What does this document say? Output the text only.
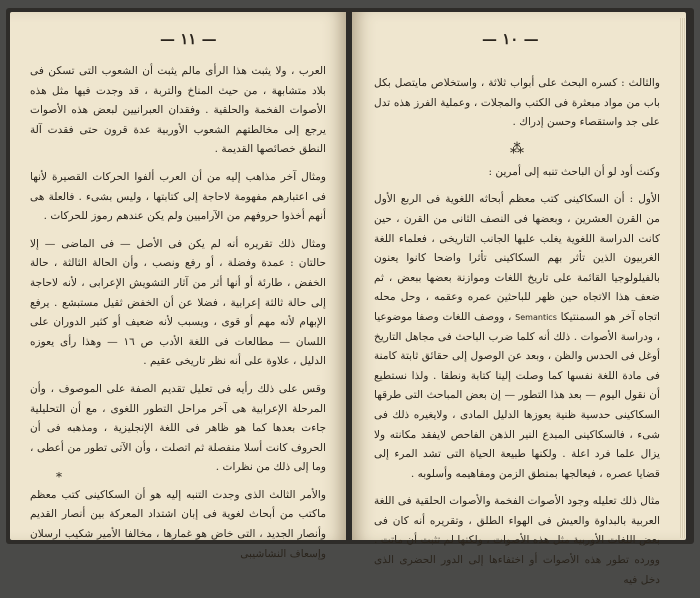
— ١١ —

العرب ، ولا يثبت هذا الرأى مالم يثبت أن الشعوب التى تسكن فى بلاد متشابهة ، من حيث المناخ والتربة ، قد وجدت فيها مثل هذه الأصوات الفخمة والحلقية . وفقدان العبرانيين لبعض هذه الأصوات يرجع إلى مخالطتهم الشعوب الأوربية عدة قرون حتى فقدت آلة النطق خصائصها القديمة .

ومثال آخر مذاهب إليه من أن العرب ألفوا الحركات القصيرة لأنها فى اعتبارهم مفهومة لاحاجة إلى كتابتها ، وليس بشىء . فالعلة هى أنهم أخذوا حروفهم من الآراميين ولم يكن عندهم رموز للحركات .

ومثال ذلك تقريره أنه لم يكن فى الأصل — فى الماضى — إلا حالتان : عمدة وفضلة ، أو رفع ونصب ، وأن الحالة الثالثة ، حالة الخفض ، طارئة أو أنها أثر من آثار التشويش الإعرابى ، لأنه لاحاجة إلى حالة ثالثة إعرابية ، فضلا عن أن الخفض ثقيل مستبشع . يرفع الإبهام لأنه مهم أو قوى ، ويسبب لأنه ضعيف أو كثير الدوران على اللسان — مطالعات فى اللغة الأدب ص ١٦ — وهذا رأى يعوزه الدليل ، علاوة على أنه نظر تاريخى عقيم .

وقس على ذلك رأيه فى تعليل تقديم الصفة على الموصوف ، وأن المرحلة الإعرابية هى آخر مراحل التطور اللغوى ، مع أن التحليلية جاءت بعدها كما هو ظاهر فى اللغة الإنجليزية ، ومذهبه فى أن الحروف كانت أسلا منفصلة ثم اتصلت ، وأن الآتى تطور من أعطى ، وما إلى ذلك من نظرات .

والأمر الثالث الذى وجدت التنبه إليه هو أن السكاكينى كتب معظم ماكتب من أبحاث لغوية فى إبان اشتداد المعركة بين أنصار القديم وأنصار الجديد ، التى خاض هو غمارها ، مخالفا الأمير شكيب ارسلان وإسعاف النشاشيبى

*
— ١٠ —

والثالث : كسره البحث على أبواب ثلاثة ، واستخلاص مايتصل بكل باب من مواد مبعثرة فى الكتب والمجلات ، وعملية الفرز هذه تدل على جد واستقصاء وحسن إدراك .

⁂

وكنت أود لو أن الباحث تنبه إلى أمرين :

الأول : أن السكاكينى كتب معظم أبحاثه اللغوية فى الربع الأول من القرن العشرين ، وبعضها فى النصف الثانى من القرن ، حين كانت الدراسة اللغوية يغلب عليها الجانب التاريخى ، فعلماء اللغة الغربيون الذين تأثر بهم السكاكينى تأثرا واضحا كانوا يعنون بالفيلولوجيا القائمة على تاريخ اللغات وموازنة بعضها ببعض ، ثم ضعف هذا الاتجاه حين ظهر للباحثين عمره وعقمه ، وحل محله اتجاه آخر هو السمنتيكا Semantics ، ووصف اللغات وصفا موضوعيا ، ودراسة الأصوات . ذلك أنه كلما ضرب الباحث فى مجاهل التاريخ أوغل فى الحدس والظن ، وبعد عن الوصول إلى حقائق ثابتة كامنة فى مادة اللغة نفسها كما وصلت إلينا كتابة ونطقا . ولذا نستطيع أن نقول اليوم — بعد هذا التطور — إن بعض المباحث التى طرقها السكاكينى حدسية ظنية يعوزها الدليل المادى ، ولايغيره ذلك فى شىء ، فالسكاكينى المبدع النير الذهن الفاحص لايفقد مكانته ولا يزال علما فرد اعلة . ولكنها طبيعة الحياة التى تشد المرء إلى قضايا عصره ، فيعالجها بمنطق الزمن ومفاهيمه وأسلوبه .

مثال ذلك تعليله وجود الأصوات الفخمة والأصوات الحلقية فى اللغة العربية بالبداوة والعيش فى الهواء الطلق ، وتقريره أنه كان فى بعض اللغات الأوربية مثل هذه الأصوات ، ولكنها لم تثبت أن ماتت . وورده تطور هذه الأصوات أو اختفاءها إلى الدور الحضرى الذى دخل فيه
